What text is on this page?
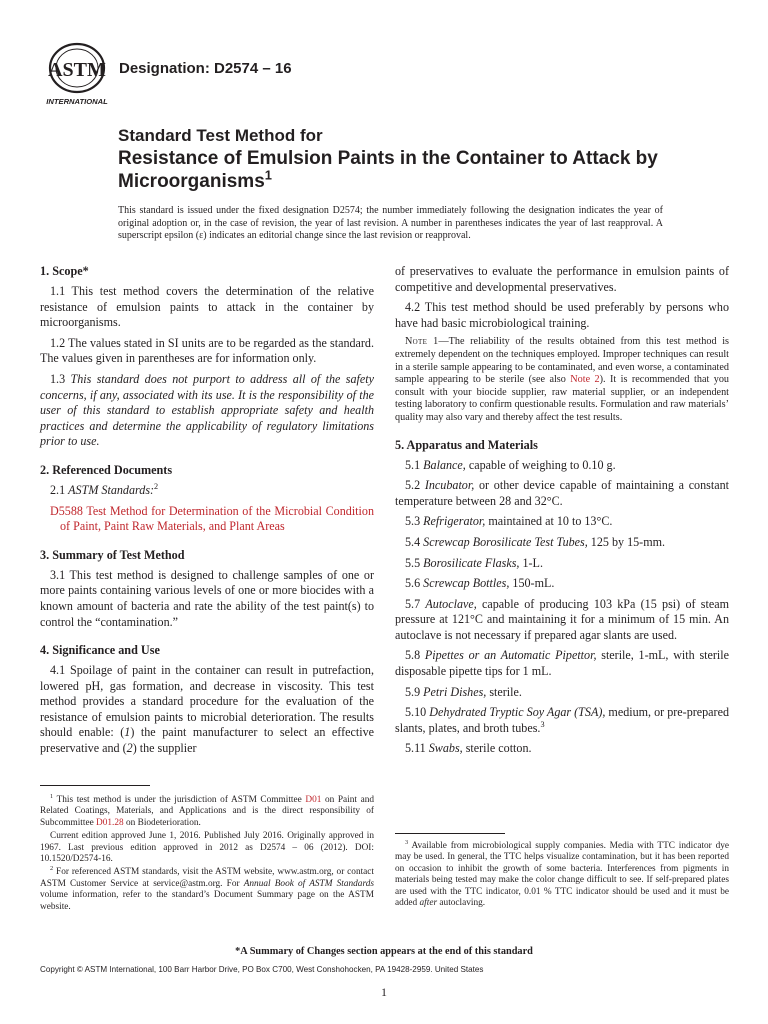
ASTM
INTERNATIONAL
Designation: D2574 – 16
Standard Test Method for
Resistance of Emulsion Paints in the Container to Attack by Microorganisms$^1$
This standard is issued under the fixed designation D2574; the number immediately following the designation indicates the year of original adoption or, in the case of revision, the year of last revision. A number in parentheses indicates the year of last reapproval. A superscript epsilon (ε) indicates an editorial change since the last revision or reapproval.
1. Scope*

1.1 This test method covers the determination of the relative resistance of emulsion paints to attack in the container by microorganisms.

1.2 The values stated in SI units are to be regarded as the standard. The values given in parentheses are for information only.

1.3 This standard does not purport to address all of the safety concerns, if any, associated with its use. It is the responsibility of the user of this standard to establish appropriate safety and health practices and determine the applicability of regulatory limitations prior to use.

2. Referenced Documents

2.1 ASTM Standards:$^2$

D5588 Test Method for Determination of the Microbial Condition of Paint, Paint Raw Materials, and Plant Areas

3. Summary of Test Method

3.1 This test method is designed to challenge samples of one or more paints containing various levels of one or more biocides with a known amount of bacteria and rate the ability of the test paint(s) to control the “contamination.”

4. Significance and Use

4.1 Spoilage of paint in the container can result in putrefaction, lowered pH, gas formation, and decrease in viscosity. This test method provides a standard procedure for the evaluation of the resistance of emulsion paints to microbial deterioration. The results should enable: (1) the paint manufacturer to select an effective preservative and (2) the supplier

of preservatives to evaluate the performance in emulsion paints of competitive and developmental preservatives.

4.2 This test method should be used preferably by persons who have had basic microbiological training.

Note 1—The reliability of the results obtained from this test method is extremely dependent on the techniques employed. Improper techniques can result in a sterile sample appearing to be contaminated, and even worse, a contaminated sample appearing to be sterile (see also Note 2). It is recommended that you consult with your biocide supplier, raw material supplier, or an independent testing laboratory to confirm questionable results. Formulation and raw materials’ quality may also vary and thereby affect the test results.

5. Apparatus and Materials

5.1 Balance, capable of weighing to 0.10 g.

5.2 Incubator, or other device capable of maintaining a constant temperature between 28 and 32°C.

5.3 Refrigerator, maintained at 10 to 13°C.

5.4 Screwcap Borosilicate Test Tubes, 125 by 15-mm.

5.5 Borosilicate Flasks, 1-L.

5.6 Screwcap Bottles, 150-mL.

5.7 Autoclave, capable of producing 103 kPa (15 psi) of steam pressure at 121°C and maintaining it for a minimum of 15 min. An autoclave is not necessary if prepared agar slants are used.

5.8 Pipettes or an Automatic Pipettor, sterile, 1-mL, with sterile disposable pipette tips for 1 mL.

5.9 Petri Dishes, sterile.

5.10 Dehydrated Tryptic Soy Agar (TSA), medium, or pre-prepared slants, plates, and broth tubes.$^3$

5.11 Swabs, sterile cotton.

$^1$ This test method is under the jurisdiction of ASTM Committee D01 on Paint and Related Coatings, Materials, and Applications and is the direct responsibility of Subcommittee D01.28 on Biodeterioration.

Current edition approved June 1, 2016. Published July 2016. Originally approved in 1967. Last previous edition approved in 2012 as D2574 – 06 (2012). DOI: 10.1520/D2574-16.

$^2$ For referenced ASTM standards, visit the ASTM website, www.astm.org, or contact ASTM Customer Service at service@astm.org. For Annual Book of ASTM Standards volume information, refer to the standard’s Document Summary page on the ASTM website.

$^3$ Available from microbiological supply companies. Media with TTC indicator dye may be used. In general, the TTC helps visualize contamination, but it has been reported on occasion to inhibit the growth of some bacteria. Interferences from pigments in materials being tested may make the color change difficult to see. If self-prepared plates are used with the TTC indicator, 0.01 % TTC indicator should be used and it must be added after autoclaving.

*A Summary of Changes section appears at the end of this standard
Copyright © ASTM International, 100 Barr Harbor Drive, PO Box C700, West Conshohocken, PA 19428-2959. United States
1
